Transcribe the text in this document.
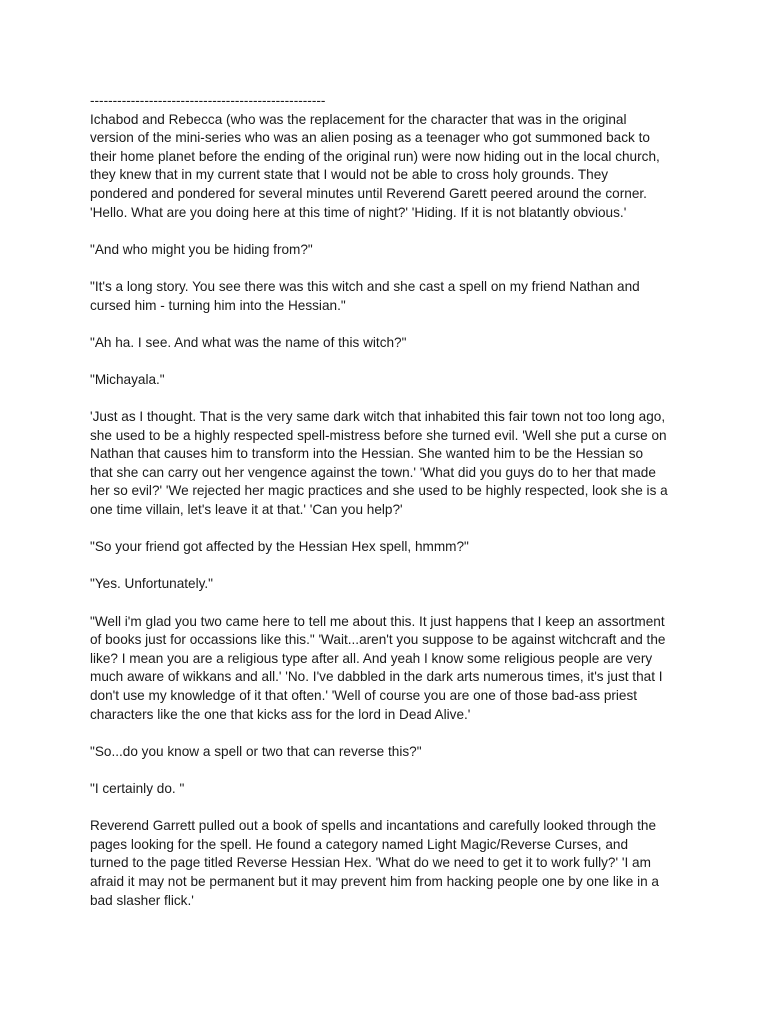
----------------------------------------------------
Ichabod and Rebecca (who was the replacement for the character that was in the original
version of the mini-series who was an alien posing as a teenager who got summoned back to
their home planet before the ending of the original run) were now hiding out in the local church,
they knew that in my current state that I would not be able to cross holy grounds. They
pondered and pondered for several minutes until Reverend Garett peered around the corner.
'Hello. What are you doing here at this time of night?' 'Hiding. If it is not blatantly obvious.'
"And who might you be hiding from?"
"It's a long story. You see there was this witch and she cast a spell on my friend Nathan and
cursed him - turning him into the Hessian."
"Ah ha. I see. And what was the name of this witch?"
"Michayala."
'Just as I thought. That is the very same dark witch that inhabited this fair town not too long ago,
she used to be a highly respected spell-mistress before she turned evil. 'Well she put a curse on
Nathan that causes him to transform into the Hessian. She wanted him to be the Hessian so
that she can carry out her vengence against the town.' 'What did you guys do to her that made
her so evil?' 'We rejected her magic practices and she used to be highly respected, look she is a
one time villain, let's leave it at that.' 'Can you help?'
"So your friend got affected by the Hessian Hex spell, hmmm?"
"Yes. Unfortunately."
"Well i'm glad you two came here to tell me about this. It just happens that I keep an assortment
of books just for occassions like this." 'Wait...aren't you suppose to be against witchcraft and the
like? I mean you are a religious type after all. And yeah I know some religious people are very
much aware of wikkans and all.' 'No. I've dabbled in the dark arts numerous times, it's just that I
don't use my knowledge of it that often.' 'Well of course you are one of those bad-ass priest
characters like the one that kicks ass for the lord in Dead Alive.'
"So...do you know a spell or two that can reverse this?"
"I certainly do. "
Reverend Garrett pulled out a book of spells and incantations and carefully looked through the
pages looking for the spell. He found a category named Light Magic/Reverse Curses, and
turned to the page titled Reverse Hessian Hex. 'What do we need to get it to work fully?' 'I am
afraid it may not be permanent but it may prevent him from hacking people one by one like in a
bad slasher flick.'
